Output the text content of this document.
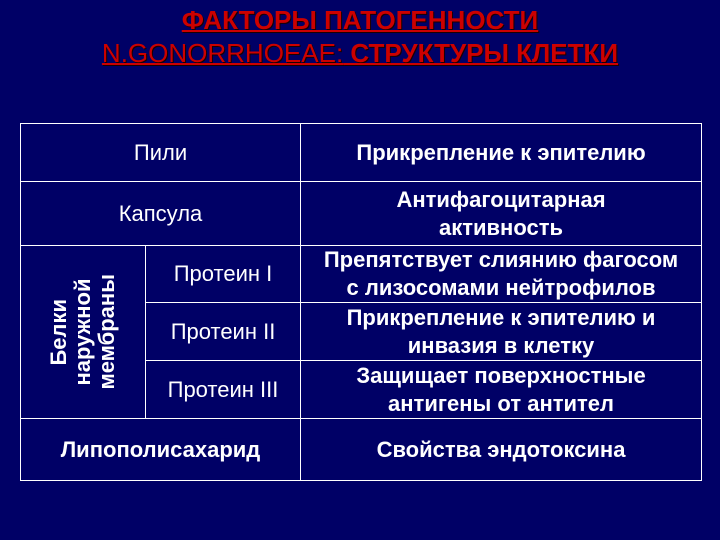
ФАКТОРЫ ПАТОГЕННОСТИ
N.GONORRHOEAE: СТРУКТУРЫ КЛЕТКИ
Пили		Прикрепление к эпителию
Капсула		Антифагоцитарная
активность

Белки
наружной
мембраны	Протеин I	Препятствует слиянию фагосом
с лизосомами нейтрофилов
	Протеин II	Прикрепление к эпителию и
инвазия в клетку
	Протеин III	Защищает поверхностные
антигены от антител
Липополисахарид		Свойства эндотоксина
